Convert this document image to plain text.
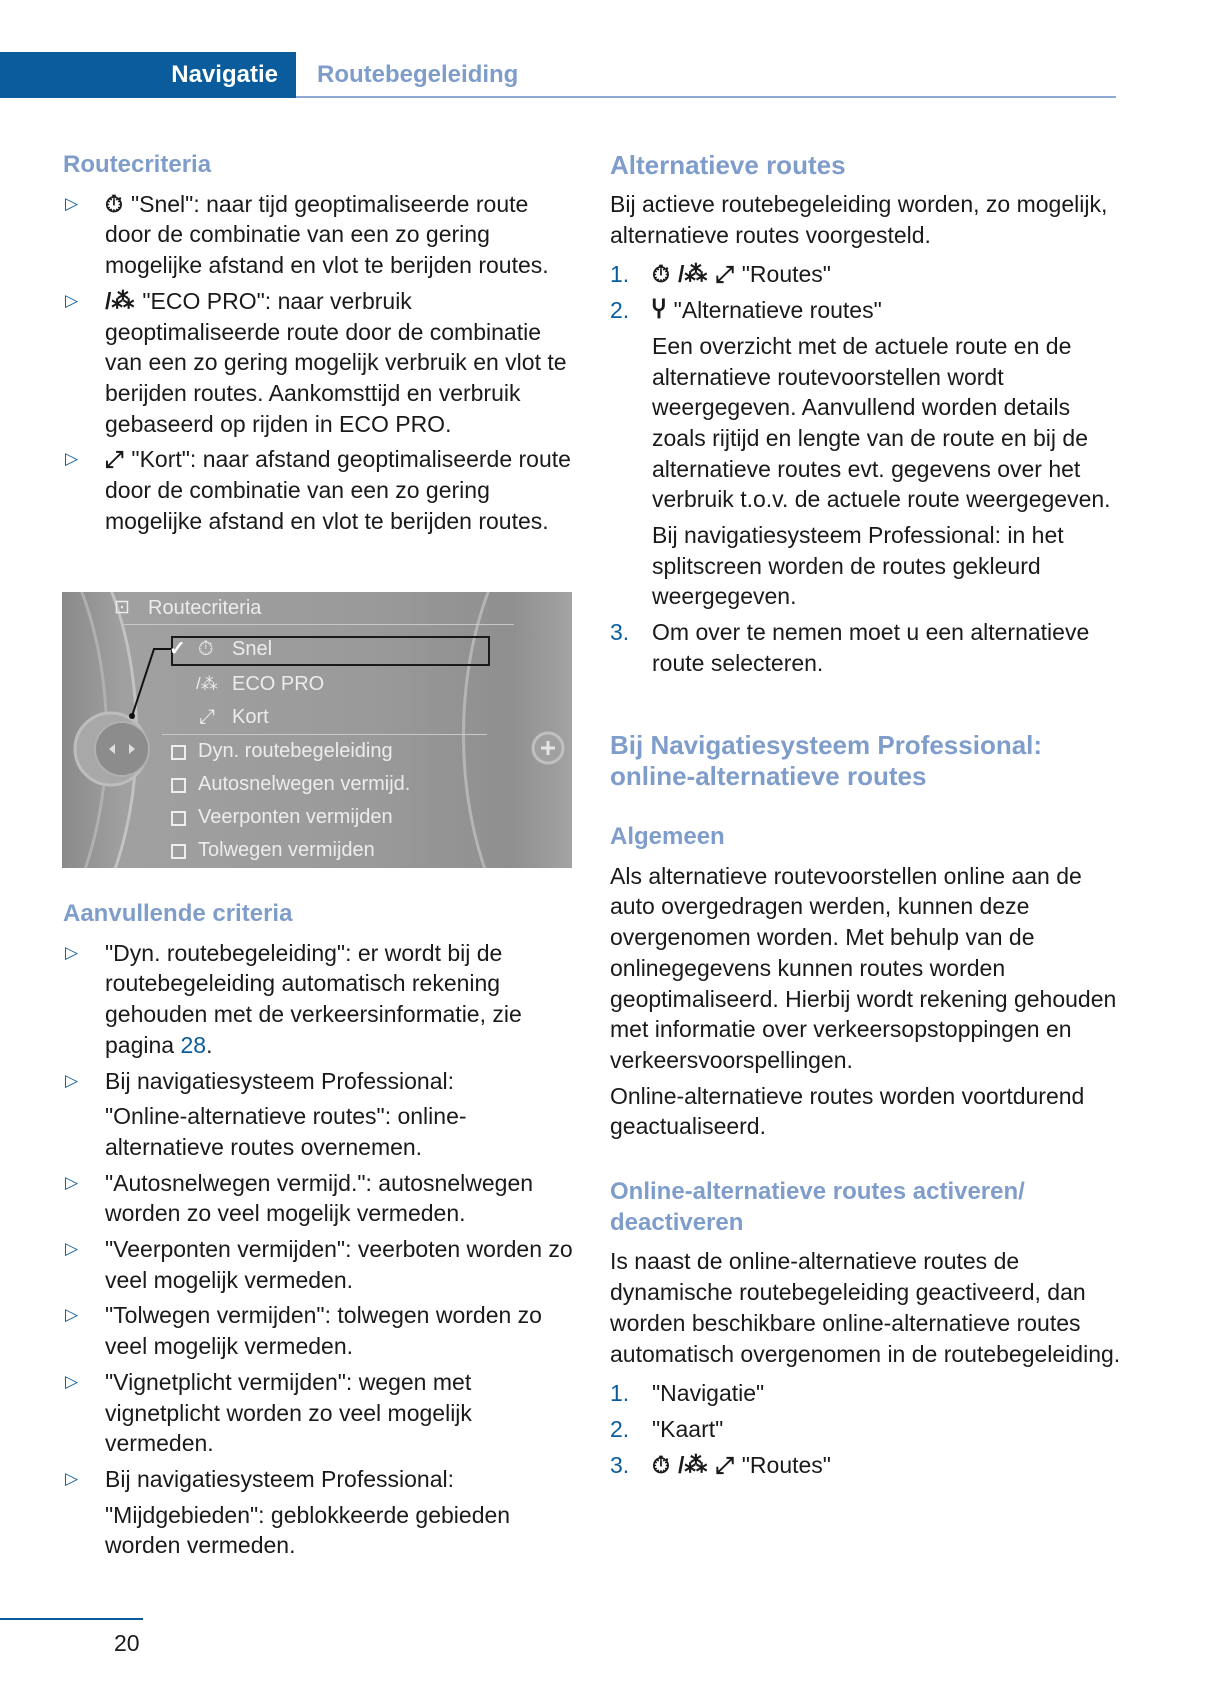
Navigatie Routebegeleiding
Routecriteria
▷ ⏱ "Snel": naar tijd geoptimaliseerde route door de combinatie van een zo gering mogelijke afstand en vlot te berijden routes.
▷ /⁂ "ECO PRO": naar verbruik geoptimaliseerde route door de combinatie van een zo gering mogelijk verbruik en vlot te berijden routes. Aankomsttijd en verbruik gebaseerd op rijden in ECO PRO.
▷ ⤢ "Kort": naar afstand geoptimaliseerde route door de combinatie van een zo gering mogelijke afstand en vlot te berijden routes.
⊡ Routecriteria
✓ ⏱ Snel
/⁂ ECO PRO
⤢ Kort
Dyn. routebegeleiding
Autosnelwegen vermijd.
Veerponten vermijden
Tolwegen vermijden
Aanvullende criteria
▷ "Dyn. routebegeleiding": er wordt bij de routebegeleiding automatisch rekening gehouden met de verkeersinformatie, zie pagina 28.
▷ Bij navigatiesysteem Professional:
"Online-alternatieve routes": online-alternatieve routes overnemen.
▷ "Autosnelwegen vermijd.": autosnelwegen worden zo veel mogelijk vermeden.
▷ "Veerponten vermijden": veerboten worden zo veel mogelijk vermeden.
▷ "Tolwegen vermijden": tolwegen worden zo veel mogelijk vermeden.
▷ "Vignetplicht vermijden": wegen met vignetplicht worden zo veel mogelijk vermeden.
▷ Bij navigatiesysteem Professional:
"Mijdgebieden": geblokkeerde gebieden worden vermeden.
Alternatieve routes

Bij actieve routebegeleiding worden, zo mogelijk, alternatieve routes voorgesteld.

1. ⏱ /⁂ ⤢ "Routes"
2. Ⴤ "Alternatieve routes"
Een overzicht met de actuele route en de alternatieve routevoorstellen wordt weergegeven. Aanvullend worden details zoals rijtijd en lengte van de route en bij de alternatieve routes evt. gegevens over het verbruik t.o.v. de actuele route weergegeven.
Bij navigatiesysteem Professional: in het splitscreen worden de routes gekleurd weergegeven.
3. Om over te nemen moet u een alternatieve route selecteren.
Bij Navigatiesysteem Professional: online-alternatieve routes
Algemeen

Als alternatieve routevoorstellen online aan de auto overgedragen werden, kunnen deze overgenomen worden. Met behulp van de onlinegegevens kunnen routes worden geoptimaliseerd. Hierbij wordt rekening gehouden met informatie over verkeersopstoppingen en verkeersvoorspellingen.

Online-alternatieve routes worden voortdurend geactualiseerd.

Online-alternatieve routes activeren/ deactiveren

Is naast de online-alternatieve routes de dynamische routebegeleiding geactiveerd, dan worden beschikbare online-alternatieve routes automatisch overgenomen in de routebegeleiding.

1. "Navigatie"
2. "Kaart"
3. ⏱ /⁂ ⤢ "Routes"
20
